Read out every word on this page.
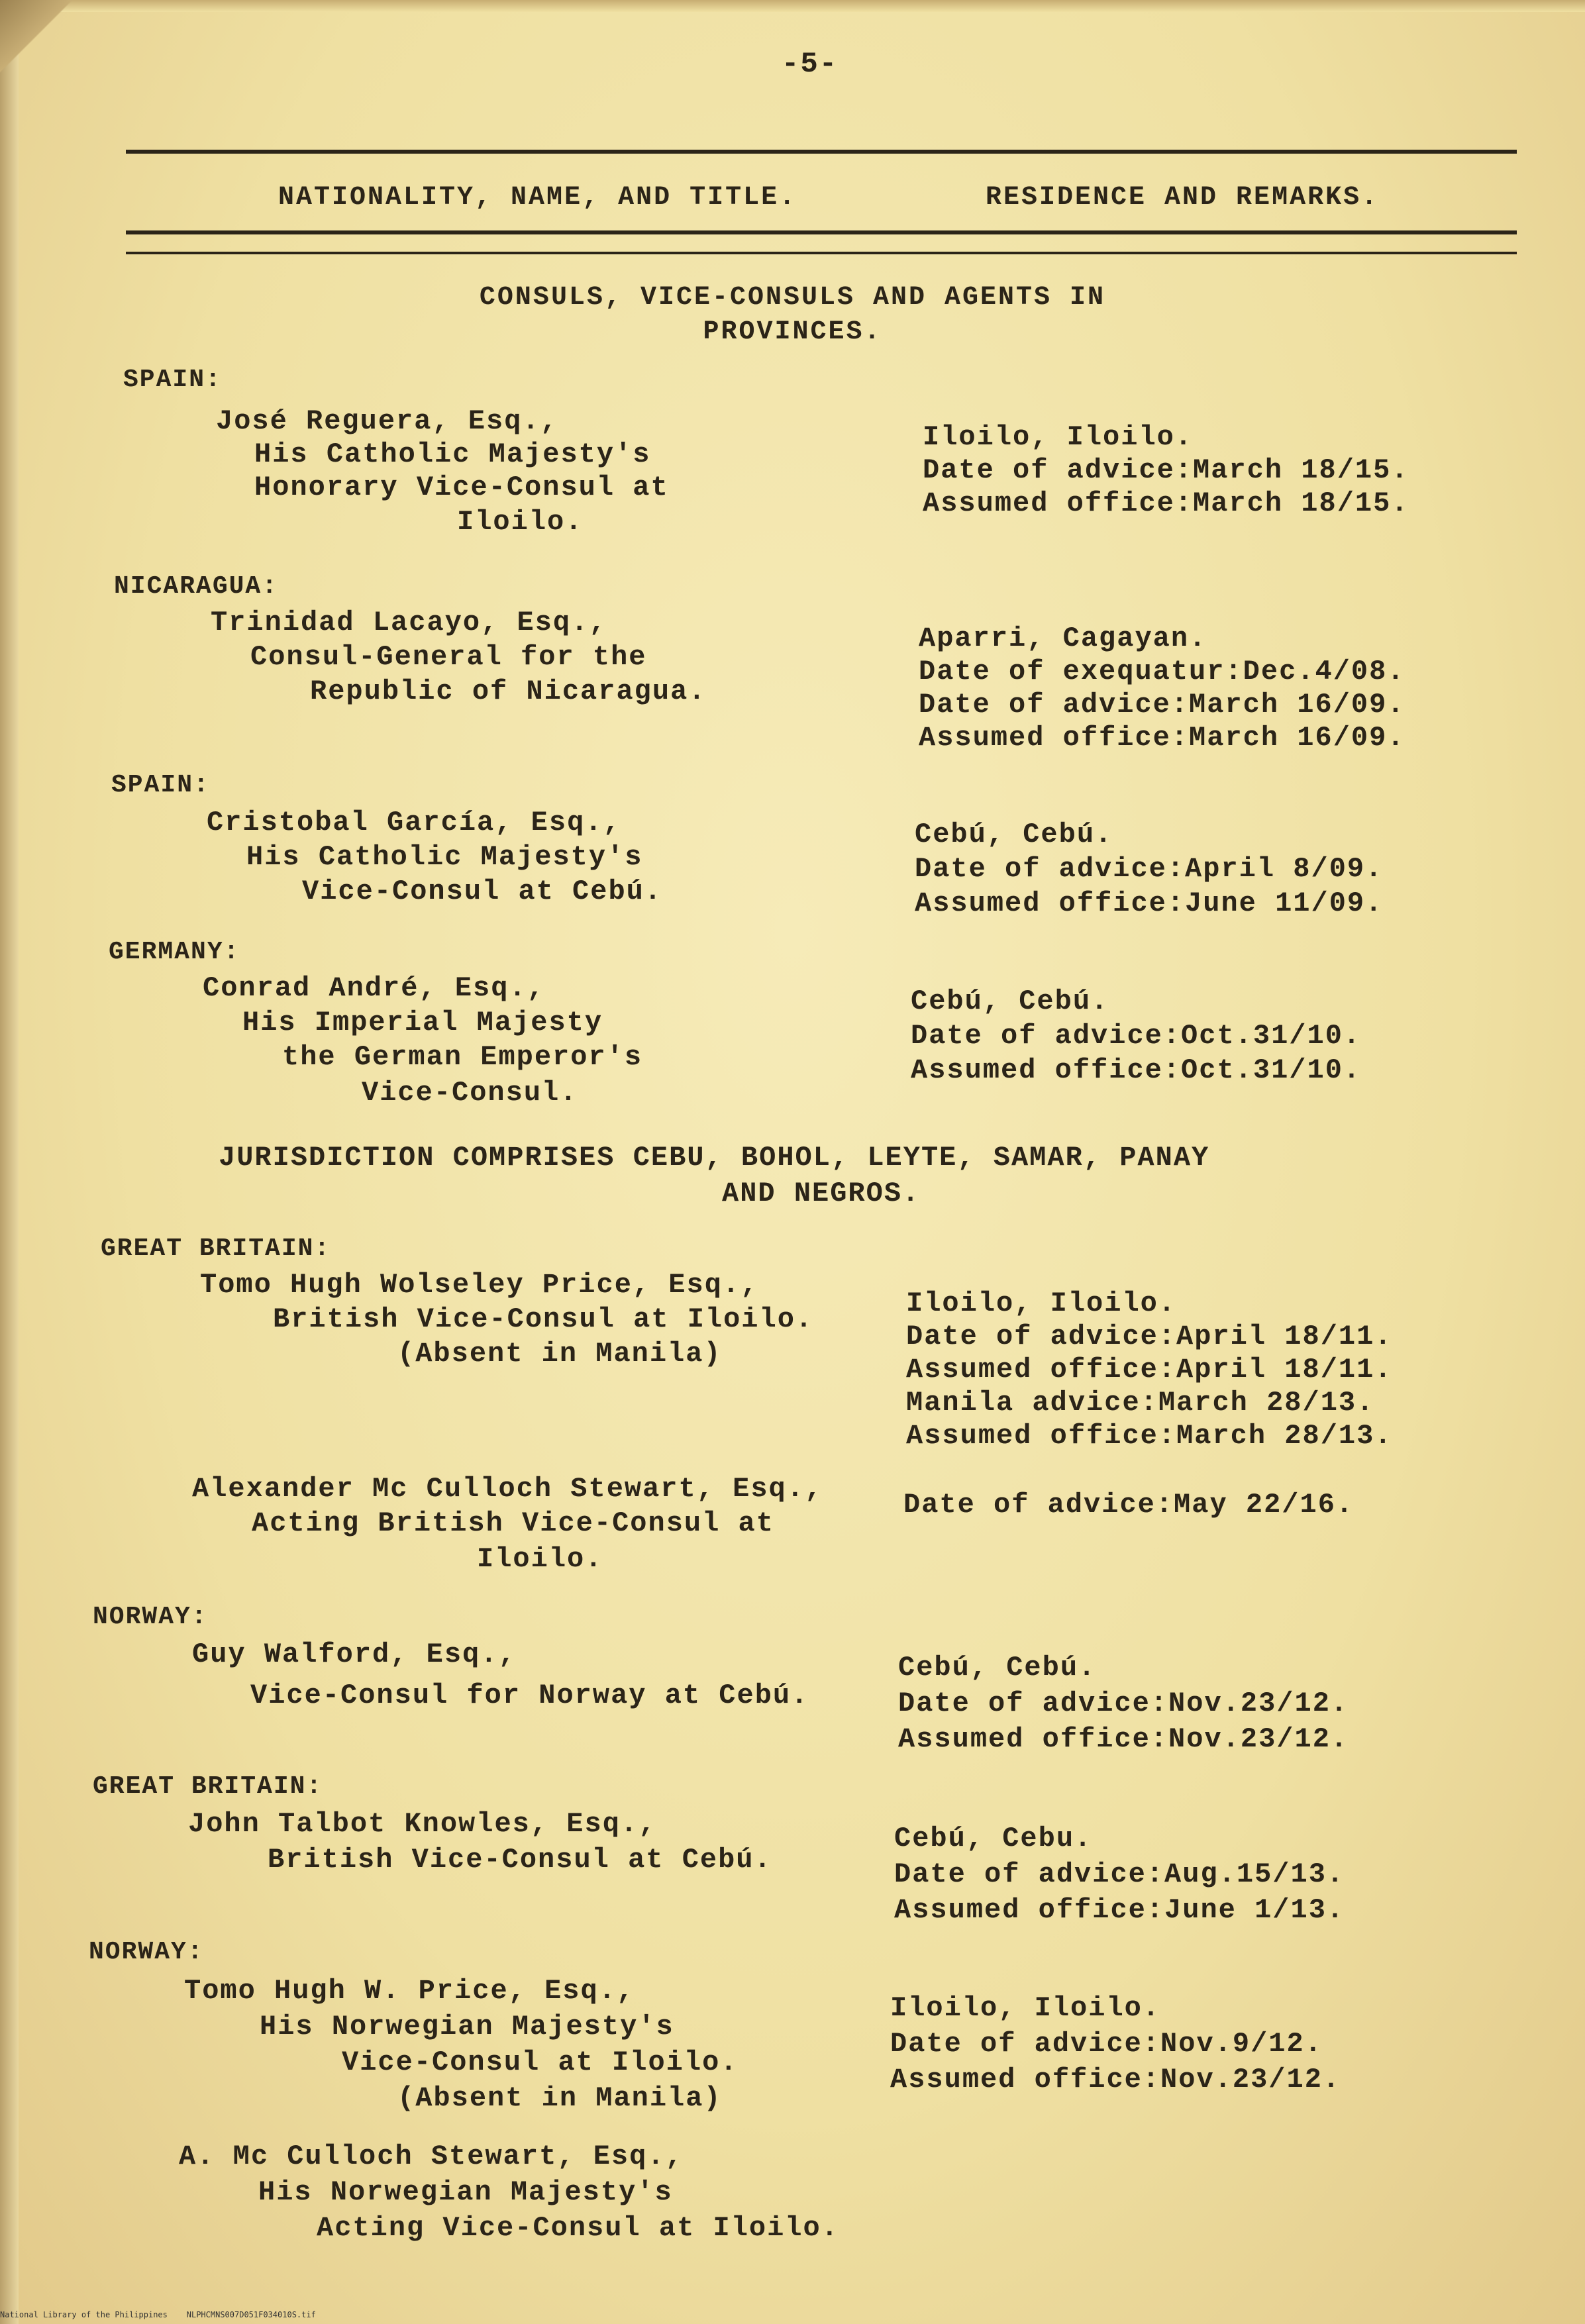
-5-
NATIONALITY, NAME, AND TITLE.	RESIDENCE AND REMARKS.
CONSULS, VICE-CONSULS AND AGENTS IN
PROVINCES.
SPAIN:
José Reguera, Esq.,
His Catholic Majesty's
Honorary Vice-Consul at
Iloilo.
Iloilo, Iloilo.
Date of advice:March 18/15.
Assumed office:March 18/15.
NICARAGUA:
Trinidad Lacayo, Esq.,
Consul-General for the
Republic of Nicaragua.
Aparri, Cagayan.
Date of exequatur:Dec.4/08.
Date of advice:March 16/09.
Assumed office:March 16/09.
SPAIN:
Cristobal García, Esq.,
His Catholic Majesty's
Vice-Consul at Cebú.
Cebú, Cebú.
Date of advice:April 8/09.
Assumed office:June 11/09.
GERMANY:
Conrad André, Esq.,
His Imperial Majesty
the German Emperor's
Vice-Consul.
Cebú, Cebú.
Date of advice:Oct.31/10.
Assumed office:Oct.31/10.
JURISDICTION COMPRISES CEBU, BOHOL, LEYTE, SAMAR, PANAY
AND NEGROS.
GREAT BRITAIN:
Tomo Hugh Wolseley Price, Esq.,
British Vice-Consul at Iloilo.
(Absent in Manila)
Iloilo, Iloilo.
Date of advice:April 18/11.
Assumed office:April 18/11.
Manila advice:March 28/13.
Assumed office:March 28/13.
Alexander Mc Culloch Stewart, Esq.,
Acting British Vice-Consul at
Iloilo.
Date of advice:May 22/16.
NORWAY:
Guy Walford, Esq.,
Vice-Consul for Norway at Cebú.
Cebú, Cebú.
Date of advice:Nov.23/12.
Assumed office:Nov.23/12.
GREAT BRITAIN:
John Talbot Knowles, Esq.,
British Vice-Consul at Cebú.
Cebú, Cebu.
Date of advice:Aug.15/13.
Assumed office:June 1/13.
NORWAY:
Tomo Hugh W. Price, Esq.,
His Norwegian Majesty's
Vice-Consul at Iloilo.
(Absent in Manila)
Iloilo, Iloilo.
Date of advice:Nov.9/12.
Assumed office:Nov.23/12.
A. Mc Culloch Stewart, Esq.,
His Norwegian Majesty's
Acting Vice-Consul at Iloilo.
National Library of the Philippines    NLPHCMNS007D051F034010S.tif
